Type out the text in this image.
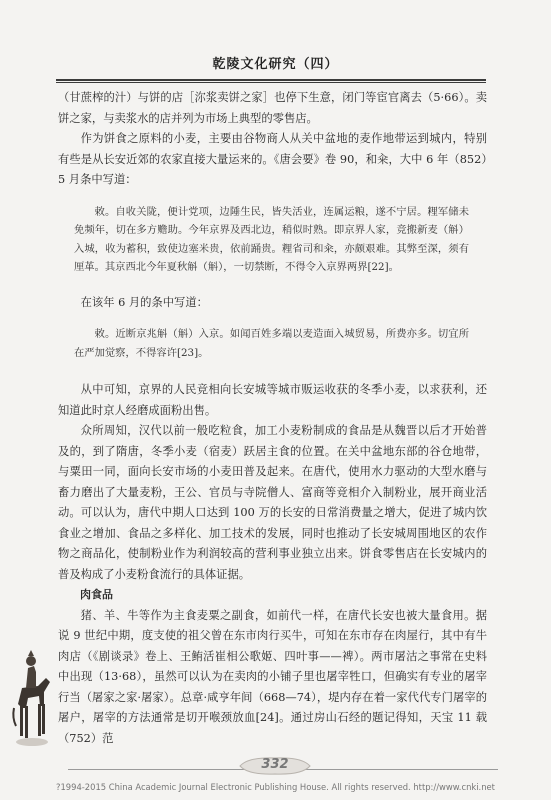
乾陵文化研究（四）

（甘蔗榨的汁）与饼的店［沵浆卖饼之家］也停下生意，闭门等宦官离去（5·66）。卖饼之家，与卖浆水的店并列为市场上典型的零售店。

作为饼食之原料的小麦，主要由谷物商人从关中盆地的麦作地带运到城内，特别有些是从长安近郊的农家直接大量运来的。《唐会要》卷 90，和籴，大中 6 年（852）5 月条中写道：

敕。自收关陇，便计党项，边陲生民，皆失活业，连属运粮，遂不宁居。粴军储未免频年，切在多方赡助。今年京界及西北边，稍似时熟。即京界人家，竞搬新麦（斛）入城，收为蓄积，致使边塞米贵，依前踊贵。粴省司和籴，亦颇艰难。其弊至深，须有厘革。其京西北今年夏秋斛（斛），一切禁断，不得令入京界两界[22]。

在该年 6 月的条中写道：

敕。近断京兆斛（斛）入京。如闻百姓多端以麦造面入城贸易，所费亦多。切宜所在严加觉察，不得容许[23]。

从中可知，京界的人民竞相向长安城等城市贩运收获的冬季小麦，以求获利，还知道此时京人经磨成面粉出售。

众所周知，汉代以前一般吃粒食，加工小麦粉制成的食品是从魏晋以后才开始普及的，到了隋唐，冬季小麦（宿麦）跃居主食的位置。在关中盆地东部的谷仓地带，与粟田一同，面向长安市场的小麦田普及起来。在唐代，使用水力驱动的大型水磨与畜力磨出了大量麦粉，王公、官员与寺院僧人、富商等竞相介入制粉业，展开商业活动。可以认为，唐代中期人口达到 100 万的长安的日常消费量之增大，促进了城内饮食业之增加、食品之多样化、加工技术的发展，同时也推动了长安城周围地区的农作物之商品化，使制粉业作为利润较高的营利事业独立出来。饼食零售店在长安城内的普及构成了小麦粉食流行的具体证据。

肉食品

猪、羊、牛等作为主食麦粟之副食，如前代一样，在唐代长安也被大量食用。据说 9 世纪中期，度支使的祖父曾在东市肉行买牛，可知在东市存在肉屋行，其中有牛肉店（《剧谈录》卷上、王鲔活崔相公歌姬、四叶事——裨）。两市屠沽之事常在史料中出现（13·68），虽然可以认为在卖肉的小铺子里也屠宰牲口，但确实有专业的屠宰行当（屠家之家·屠家）。总章·咸亨年间（668—74），堤内存在着一家代代专门屠宰的屠户，屠宰的方法通常是切开喉颈放血[24]。通过房山石经的题记得知，天宝 11 载（752）范

332
?1994-2015 China Academic Journal Electronic Publishing House. All rights reserved. http://www.cnki.net
